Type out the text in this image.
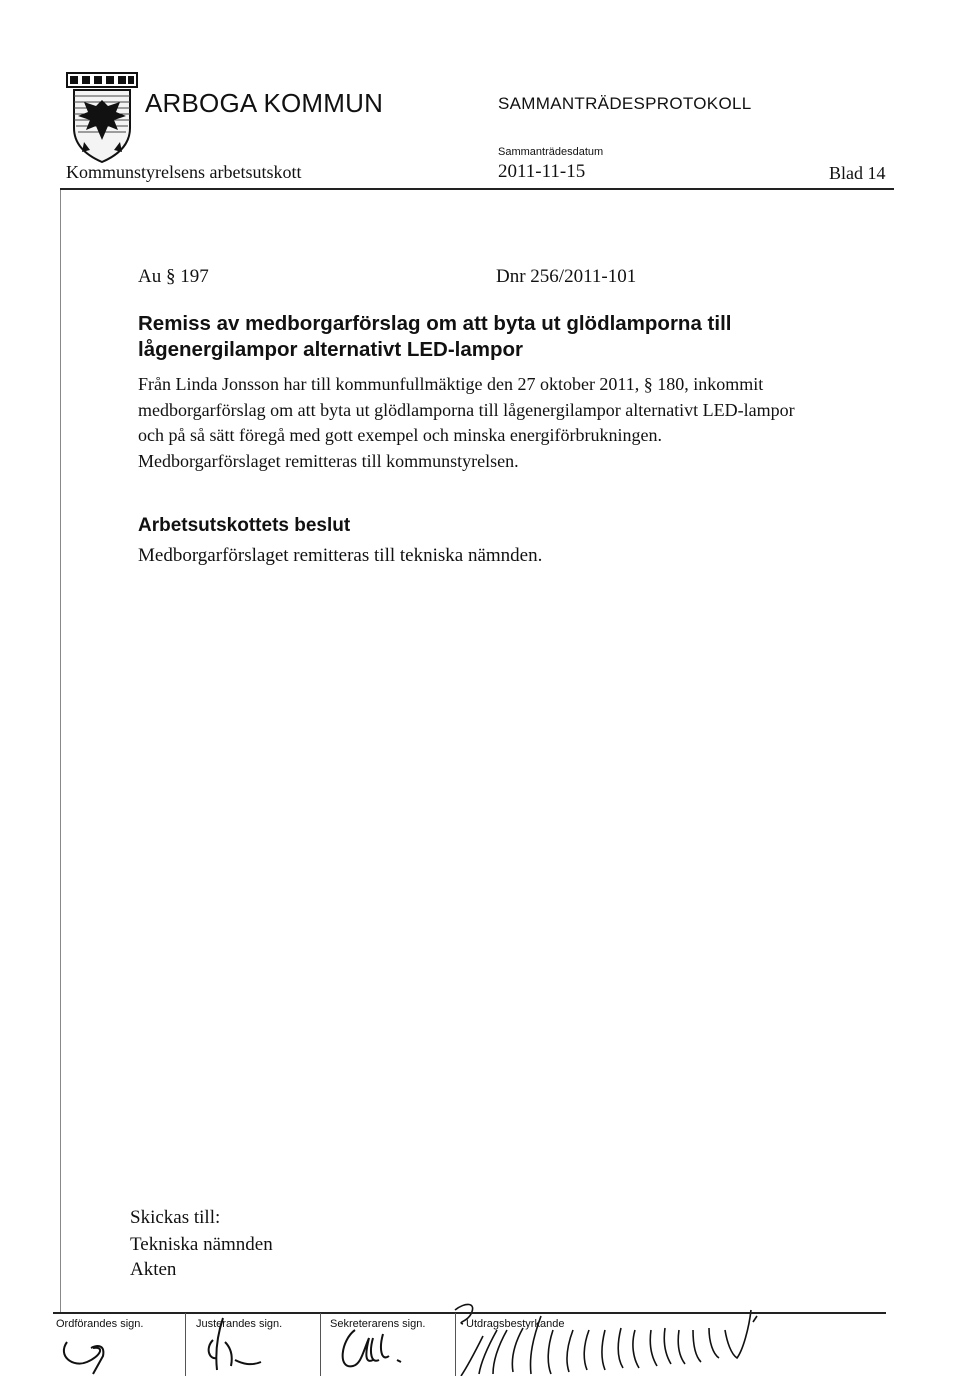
ARBOGA KOMMUN	SAMMANTRÄDESPROTOKOLL
Kommunstyrelsens arbetsutskott
Sammanträdesdatum
2011-11-15	Blad 14
Au § 197	Dnr 256/2011-101
Remiss av medborgarförslag om att byta ut glödlamporna till lågenergilampor alternativt LED-lampor
Från Linda Jonsson har till kommunfullmäktige den 27 oktober 2011, § 180, inkommit medborgarförslag om att byta ut glödlamporna till lågenergilampor alternativt LED-lampor och på så sätt föregå med gott exempel och minska energiförbrukningen. Medborgarförslaget remitteras till kommunstyrelsen.
Arbetsutskottets beslut
Medborgarförslaget remitteras till tekniska nämnden.
Skickas till:
Tekniska nämnden
Akten
Ordförandes sign.	Justerandes sign.	Sekreterarens sign.	Utdragsbestyrkande
